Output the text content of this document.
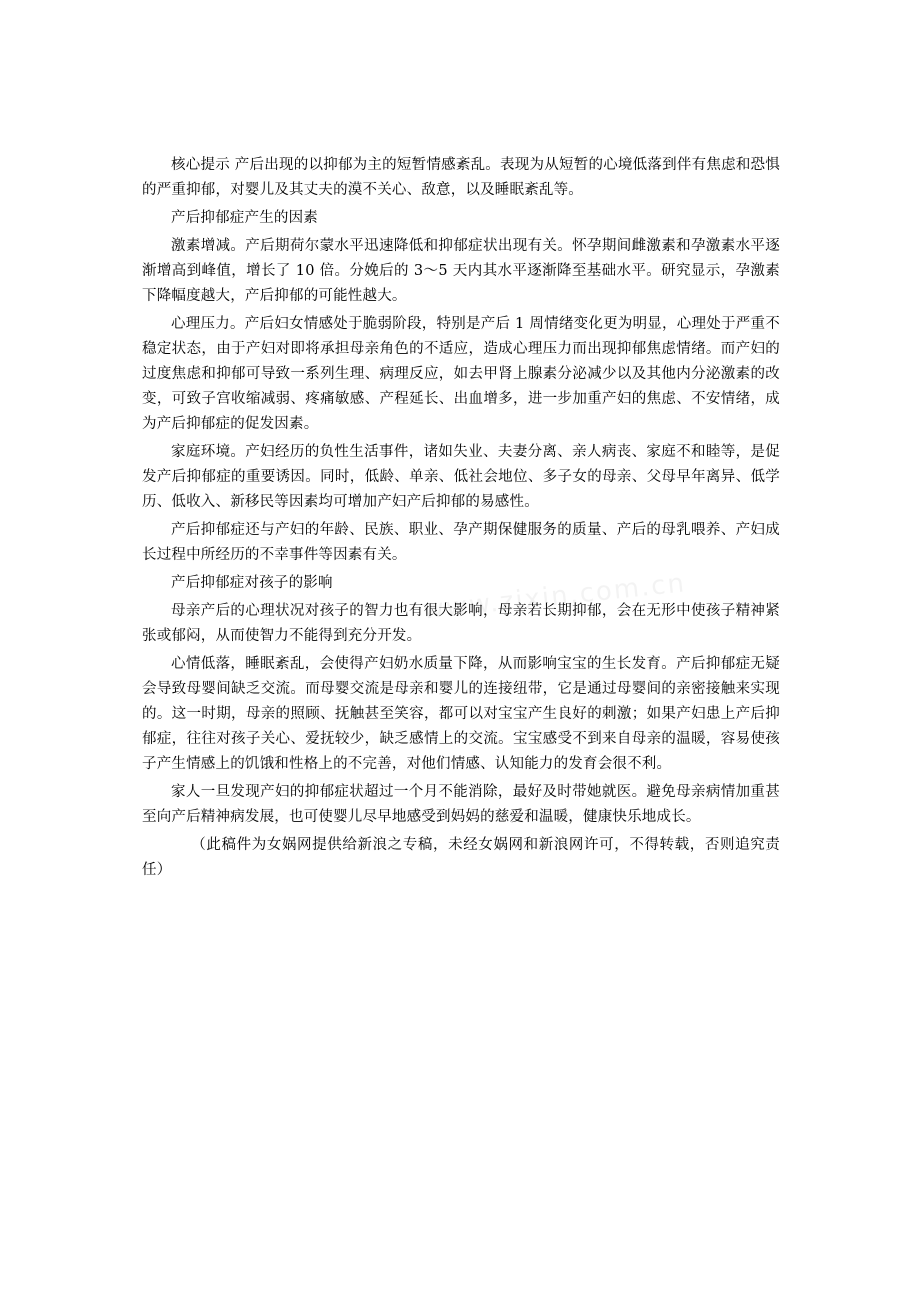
核心提示 产后出现的以抑郁为主的短暂情感紊乱。表现为从短暂的心境低落到伴有焦虑和恐惧的严重抑郁，对婴儿及其丈夫的漠不关心、敌意，以及睡眠紊乱等。

产后抑郁症产生的因素

激素增减。产后期荷尔蒙水平迅速降低和抑郁症状出现有关。怀孕期间雌激素和孕激素水平逐渐增高到峰值，增长了 10 倍。分娩后的 3～5 天内其水平逐渐降至基础水平。研究显示，孕激素下降幅度越大，产后抑郁的可能性越大。

心理压力。产后妇女情感处于脆弱阶段，特别是产后 1 周情绪变化更为明显，心理处于严重不稳定状态，由于产妇对即将承担母亲角色的不适应，造成心理压力而出现抑郁焦虑情绪。而产妇的过度焦虑和抑郁可导致一系列生理、病理反应，如去甲肾上腺素分泌减少以及其他内分泌激素的改变，可致子宫收缩减弱、疼痛敏感、产程延长、出血增多，进一步加重产妇的焦虑、不安情绪，成为产后抑郁症的促发因素。

家庭环境。产妇经历的负性生活事件，诸如失业、夫妻分离、亲人病丧、家庭不和睦等，是促发产后抑郁症的重要诱因。同时，低龄、单亲、低社会地位、多子女的母亲、父母早年离异、低学历、低收入、新移民等因素均可增加产妇产后抑郁的易感性。

产后抑郁症还与产妇的年龄、民族、职业、孕产期保健服务的质量、产后的母乳喂养、产妇成长过程中所经历的不幸事件等因素有关。

产后抑郁症对孩子的影响

母亲产后的心理状况对孩子的智力也有很大影响，母亲若长期抑郁，会在无形中使孩子精神紧张或郁闷，从而使智力不能得到充分开发。

心情低落，睡眠紊乱，会使得产妇奶水质量下降，从而影响宝宝的生长发育。产后抑郁症无疑会导致母婴间缺乏交流。而母婴交流是母亲和婴儿的连接纽带，它是通过母婴间的亲密接触来实现的。这一时期，母亲的照顾、抚触甚至笑容，都可以对宝宝产生良好的刺激；如果产妇患上产后抑郁症，往往对孩子关心、爱抚较少，缺乏感情上的交流。宝宝感受不到来自母亲的温暖，容易使孩子产生情感上的饥饿和性格上的不完善，对他们情感、认知能力的发育会很不利。

家人一旦发现产妇的抑郁症状超过一个月不能消除，最好及时带她就医。避免母亲病情加重甚至向产后精神病发展，也可使婴儿尽早地感受到妈妈的慈爱和温暖，健康快乐地成长。

（此稿件为女娲网提供给新浪之专稿，未经女娲网和新浪网许可，不得转载，否则追究责任）
